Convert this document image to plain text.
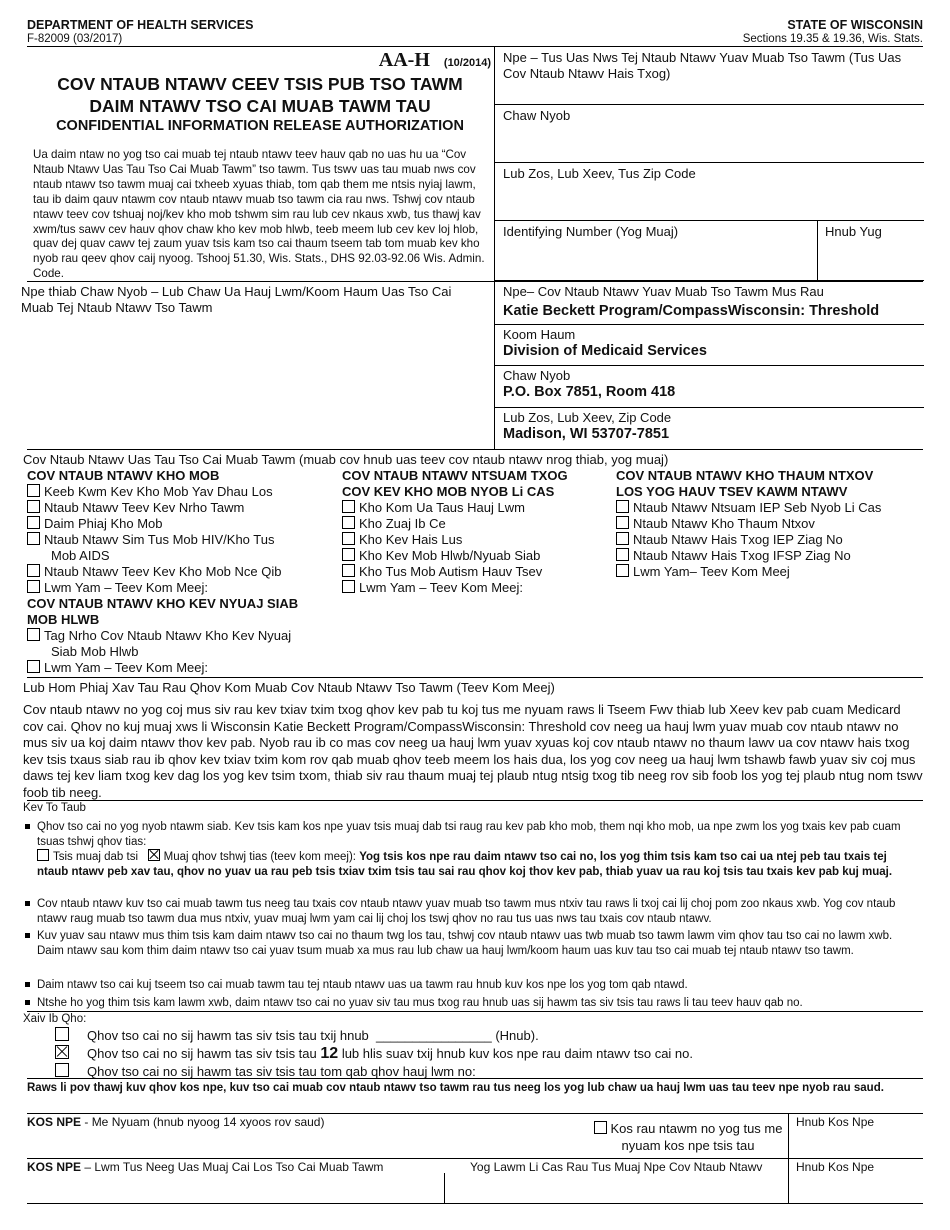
DEPARTMENT OF HEALTH SERVICES
F-82009 (03/2017)
STATE OF WISCONSIN
Sections 19.35 & 19.36, Wis. Stats.
AA-H (10/2014)
COV NTAUB NTAWV CEEV TSIS PUB TSO TAWM
DAIM NTAWV TSO CAI MUAB TAWM TAU
CONFIDENTIAL INFORMATION RELEASE AUTHORIZATION
Ua daim ntaw no yog tso cai muab tej ntaub ntawv teev hauv qab no uas hu ua “Cov Ntaub Ntawv Uas Tau Tso Cai Muab Tawm” tso tawm. Tus tswv uas tau muab nws cov ntaub ntawv tso tawm muaj cai txheeb xyuas thiab, tom qab them me ntsis nyiaj lawm, tau ib daim qauv ntawm cov ntaub ntawv muab tso tawm cia rau nws. Tshwj cov ntaub ntawv teev cov tshuaj noj/kev kho mob tshwm sim rau lub cev nkaus xwb, tus thawj kav xwm/tus sawv cev hauv qhov chaw kho kev mob hlwb, teeb meem lub cev kev loj hlob, quav dej quav cawv tej zaum yuav tsis kam tso cai thaum tseem tab tom muab kev kho nyob rau qeev qhov caij nyoog. Tshooj 51.30, Wis. Stats., DHS 92.03-92.06 Wis. Admin. Code.
Npe – Tus Uas Nws Tej Ntaub Ntawv Yuav Muab Tso Tawm (Tus Uas Cov Ntaub Ntawv Hais Txog)
Chaw Nyob
Lub Zos, Lub Xeev, Tus Zip Code
Identifying Number (Yog Muaj)	Hnub Yug
Npe thiab Chaw Nyob – Lub Chaw Ua Hauj Lwm/Koom Haum Uas Tso Cai Muab Tej Ntaub Ntawv Tso Tawm
Npe– Cov Ntaub Ntawv Yuav Muab Tso Tawm Mus Rau
Katie Beckett Program/CompassWisconsin: Threshold
Koom Haum
Division of Medicaid Services
Chaw Nyob
P.O. Box 7851, Room 418
Lub Zos, Lub Xeev, Zip Code
Madison, WI 53707-7851
Cov Ntaub Ntawv Uas Tau Tso Cai Muab Tawm (muab cov hnub uas teev cov ntaub ntawv nrog thiab, yog muaj)
COV NTAUB NTAWV KHO MOB
Keeb Kwm Kev Kho Mob Yav Dhau Los
Ntaub Ntawv Teev Kev Nrho Tawm
Daim Phiaj Kho Mob
Ntaub Ntawv Sim Tus Mob HIV/Kho Tus
Mob AIDS
Ntaub Ntawv Teev Kev Kho Mob Nce Qib
Lwm Yam – Teev Kom Meej:
COV NTAUB NTAWV KHO KEV NYUAJ SIAB
MOB HLWB
Tag Nrho Cov Ntaub Ntawv Kho Kev Nyuaj
Siab Mob Hlwb
Lwm Yam – Teev Kom Meej:
COV NTAUB NTAWV NTSUAM TXOG
COV KEV KHO MOB NYOB Li CAS
Kho Kom Ua Taus Hauj Lwm
Kho Zuaj Ib Ce
Kho Kev Hais Lus
Kho Kev Mob Hlwb/Nyuab Siab
Kho Tus Mob Autism Hauv Tsev
Lwm Yam – Teev Kom Meej:
COV NTAUB NTAWV KHO THAUM NTXOV
LOS YOG HAUV TSEV KAWM NTAWV
Ntaub Ntawv Ntsuam IEP Seb Nyob Li Cas
Ntaub Ntawv Kho Thaum Ntxov
Ntaub Ntawv Hais Txog IEP Ziag No
Ntaub Ntawv Hais Txog IFSP Ziag No
Lwm Yam– Teev Kom Meej
Lub Hom Phiaj Xav Tau Rau Qhov Kom Muab Cov Ntaub Ntawv Tso Tawm (Teev Kom Meej)
Cov ntaub ntawv no yog coj mus siv rau kev txiav txim txog qhov kev pab tu koj tus me nyuam raws li Tseem Fwv thiab lub Xeev kev pab cuam Medicard cov cai. Qhov no kuj muaj xws li Wisconsin Katie Beckett Program/CompassWisconsin: Threshold cov neeg ua hauj lwm yuav muab cov ntaub ntawv no mus siv ua koj daim ntawv thov kev pab. Nyob rau ib co mas cov neeg ua hauj lwm yuav xyuas koj cov ntaub ntawv no thaum lawv ua cov ntawv hais txog kev tsis txaus siab rau ib qhov kev txiav txim kom rov qab muab qhov teeb meem los hais dua, los yog cov neeg ua hauj lwm tshawb fawb yuav siv coj mus daws tej kev liam txog kev dag los yog kev tsim txom, thiab siv rau thaum muaj tej plaub ntug ntsig txog tib neeg rov sib foob los yog tej plaub ntug nom tswv foob tib neeg.
Kev To Taub
Qhov tso cai no yog nyob ntawm siab. Kev tsis kam kos npe yuav tsis muaj dab tsi raug rau kev pab kho mob, them nqi kho mob, ua npe zwm los yog txais kev pab cuam tsuas tshwj qhov tias:
Tsis muaj dab tsi Muaj qhov tshwj tias (teev kom meej): Yog tsis kos npe rau daim ntawv tso cai no, los yog thim tsis kam tso cai ua ntej peb tau txais tej ntaub ntawv peb xav tau, qhov no yuav ua rau peb tsis txiav txim tsis tau sai rau qhov koj thov kev pab, thiab yuav ua rau koj tsis tau txais kev pab kuj muaj.
Cov ntaub ntawv kuv tso cai muab tawm tus neeg tau txais cov ntaub ntawv yuav muab tso tawm mus ntxiv tau raws li txoj cai lij choj pom zoo nkaus xwb. Yog cov ntaub ntawv raug muab tso tawm dua mus ntxiv, yuav muaj lwm yam cai lij choj los tswj qhov no rau tus uas nws tau txais cov ntaub ntawv.
Kuv yuav sau ntawv mus thim tsis kam daim ntawv tso cai no thaum twg los tau, tshwj cov ntaub ntawv uas twb muab tso tawm lawm vim qhov tau tso cai no lawm xwb. Daim ntawv sau kom thim daim ntawv tso cai yuav tsum muab xa mus rau lub chaw ua hauj lwm/koom haum uas kuv tau tso cai muab tej ntaub ntawv tso tawm.
Daim ntawv tso cai kuj tseem tso cai muab tawm tau tej ntaub ntawv uas ua tawm rau hnub kuv kos npe los yog tom qab ntawd.
Ntshe ho yog thim tsis kam lawm xwb, daim ntawv tso cai no yuav siv tau mus txog rau hnub uas sij hawm tas siv tsis tau raws li tau teev hauv qab no.
Xaiv Ib Qho:
Qhov tso cai no sij hawm tas siv tsis tau txij hnub ________________ (Hnub).
Qhov tso cai no sij hawm tas siv tsis tau 12 lub hlis suav txij hnub kuv kos npe rau daim ntawv tso cai no.
Qhov tso cai no sij hawm tas siv tsis tau tom qab qhov hauj lwm no:
Raws li pov thawj kuv qhov kos npe, kuv tso cai muab cov ntaub ntawv tso tawm rau tus neeg los yog lub chaw ua hauj lwm uas tau teev npe nyob rau saud.
KOS NPE - Me Nyuam (hnub nyoog 14 xyoos rov saud)	Kos rau ntawm no yog tus me nyuam kos npe tsis tau
Hnub Kos Npe
KOS NPE – Lwm Tus Neeg Uas Muaj Cai Los Tso Cai Muab Tawm	Yog Lawm Li Cas Rau Tus Muaj Npe Cov Ntaub Ntawv	Hnub Kos Npe
